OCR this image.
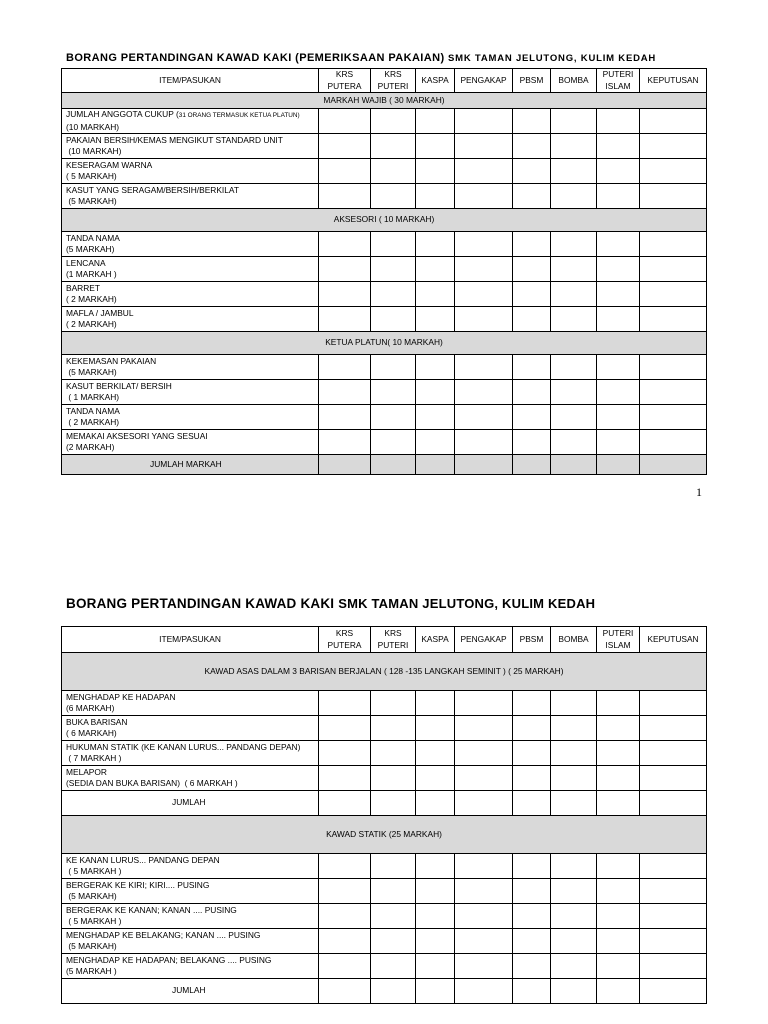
BORANG PERTANDINGAN KAWAD KAKI (PEMERIKSAAN PAKAIAN) SMK TAMAN JELUTONG, KULIM KEDAH
ITEM/PASUKAN	KRS PUTERA	KRS PUTERI	KASPA	PENGAKAP	PBSM	BOMBA	PUTERI ISLAM	KEPUTUSAN
MARKAH WAJIB ( 30 MARKAH)								
JUMLAH ANGGOTA CUKUP (31 ORANG TERMASUK KETUA PLATUN)
(10 MARKAH)								
PAKAIAN BERSIH/KEMAS MENGIKUT STANDARD UNIT
(10 MARKAH)								
KESERAGAM WARNA
( 5 MARKAH)								
KASUT YANG SERAGAM/BERSIH/BERKILAT
(5 MARKAH)								
AKSESORI ( 10 MARKAH)								
TANDA NAMA
(5 MARKAH)								
LENCANA
(1 MARKAH )								
BARRET
( 2 MARKAH)								
MAFLA / JAMBUL
( 2 MARKAH)								
KETUA PLATUN( 10 MARKAH)								
KEKEMASAN PAKAIAN
(5 MARKAH)								
KASUT BERKILAT/ BERSIH
( 1 MARKAH)								
TANDA NAMA
( 2 MARKAH)								
MEMAKAI AKSESORI YANG SESUAI
(2 MARKAH)								
JUMLAH MARKAH								
1
BORANG PERTANDINGAN KAWAD KAKI SMK TAMAN JELUTONG, KULIM KEDAH
ITEM/PASUKAN	KRS PUTERA	KRS PUTERI	KASPA	PENGAKAP	PBSM	BOMBA	PUTERI ISLAM	KEPUTUSAN
KAWAD ASAS DALAM 3 BARISAN BERJALAN ( 128 -135 LANGKAH SEMINIT ) ( 25 MARKAH)								
MENGHADAP KE HADAPAN
(6 MARKAH)								
BUKA BARISAN
( 6 MARKAH)								
HUKUMAN STATIK (KE KANAN LURUS... PANDANG DEPAN)
( 7 MARKAH )								
MELAPOR
(SEDIA DAN BUKA BARISAN)  ( 6 MARKAH )								
JUMLAH								
KAWAD STATIK (25 MARKAH)								
KE KANAN LURUS... PANDANG DEPAN
( 5 MARKAH )								
BERGERAK KE KIRI; KIRI.... PUSING
(5 MARKAH)								
BERGERAK KE KANAN; KANAN .... PUSING
( 5 MARKAH )								
MENGHADAP KE BELAKANG; KANAN .... PUSING
(5 MARKAH)								
MENGHADAP KE HADAPAN; BELAKANG .... PUSING
(5 MARKAH )								
JUMLAH								
